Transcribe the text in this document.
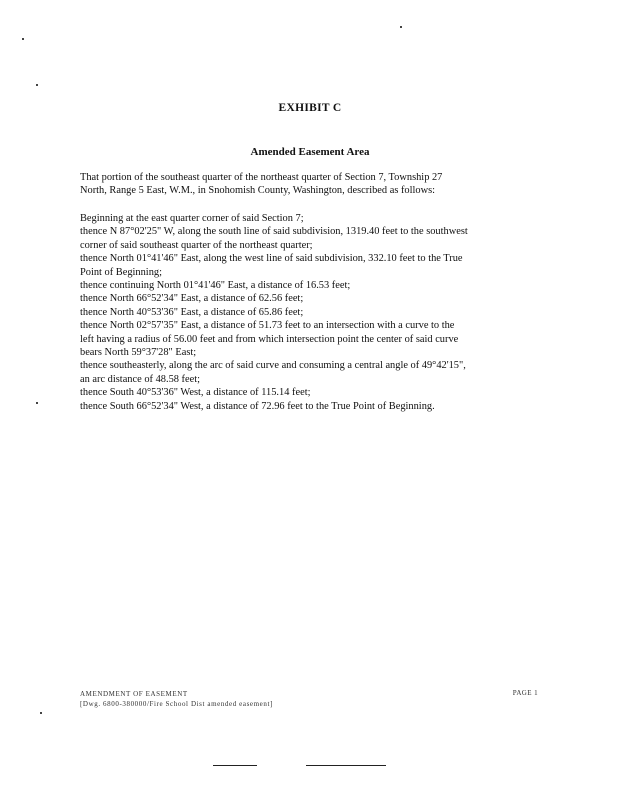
EXHIBIT C
Amended Easement Area
That portion of the southeast quarter of the northeast quarter of Section 7, Township 27
North, Range 5 East, W.M., in Snohomish County, Washington, described as follows:
Beginning at the east quarter corner of said Section 7;
thence N 87°02'25" W, along the south line of said subdivision, 1319.40 feet to the southwest
corner of said southeast quarter of the northeast quarter;
thence North 01°41'46" East, along the west line of said subdivision, 332.10 feet to the True
Point of Beginning;
thence continuing North 01°41'46" East, a distance of 16.53 feet;
thence North 66°52'34" East, a distance of 62.56 feet;
thence North 40°53'36" East, a distance of 65.86 feet;
thence North 02°57'35" East, a distance of 51.73 feet to an intersection with a curve to the
left having a radius of 56.00 feet and from which intersection point the center of said curve
bears North 59°37'28" East;
thence southeasterly, along the arc of said curve and consuming a central angle of 49°42'15",
an arc distance of 48.58 feet;
thence South 40°53'36" West, a distance of 115.14 feet;
thence South 66°52'34" West, a distance of 72.96 feet to the True Point of Beginning.
AMENDMENT OF EASEMENT
[Dwg. 6800-380000/Fire School Dist amended easement]
PAGE 1
